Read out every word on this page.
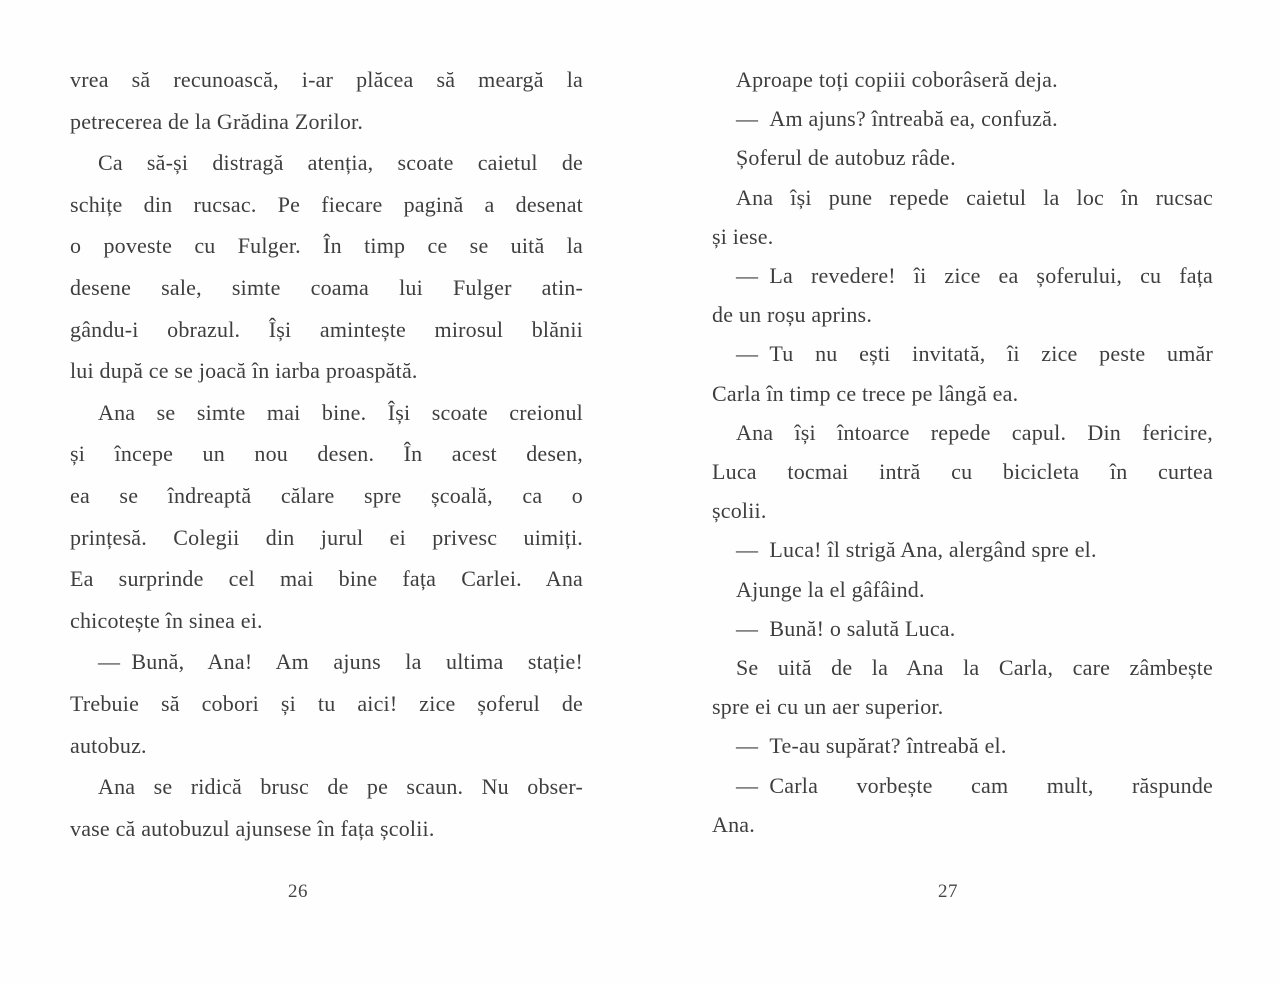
vrea să recunoască, i-ar plăcea să meargă la
petrecerea de la Grădina Zorilor.
Ca să-și distragă atenția, scoate caietul de
schițe din rucsac. Pe fiecare pagină a desenat
o poveste cu Fulger. În timp ce se uită la
desene sale, simte coama lui Fulger atin-
gându-i obrazul. Își amintește mirosul blănii
lui după ce se joacă în iarba proaspătă.
Ana se simte mai bine. Își scoate creionul
și începe un nou desen. În acest desen,
ea se îndreaptă călare spre școală, ca o
prințesă. Colegii din jurul ei privesc uimiți.
Ea surprinde cel mai bine fața Carlei. Ana
chicotește în sinea ei.
— Bună, Ana! Am ajuns la ultima stație!
Trebuie să cobori și tu aici! zice șoferul de
autobuz.
Ana se ridică brusc de pe scaun. Nu obser-
vase că autobuzul ajunsese în fața școlii.
26
Aproape toți copiii coborâseră deja.
— Am ajuns? întreabă ea, confuză.
Șoferul de autobuz râde.
Ana își pune repede caietul la loc în rucsac
și iese.
— La revedere! îi zice ea șoferului, cu fața
de un roșu aprins.
— Tu nu ești invitată, îi zice peste umăr
Carla în timp ce trece pe lângă ea.
Ana își întoarce repede capul. Din fericire,
Luca tocmai intră cu bicicleta în curtea
școlii.
— Luca! îl strigă Ana, alergând spre el.
Ajunge la el gâfâind.
— Bună! o salută Luca.
Se uită de la Ana la Carla, care zâmbește
spre ei cu un aer superior.
— Te-au supărat? întreabă el.
— Carla vorbește cam mult, răspunde
Ana.
27
